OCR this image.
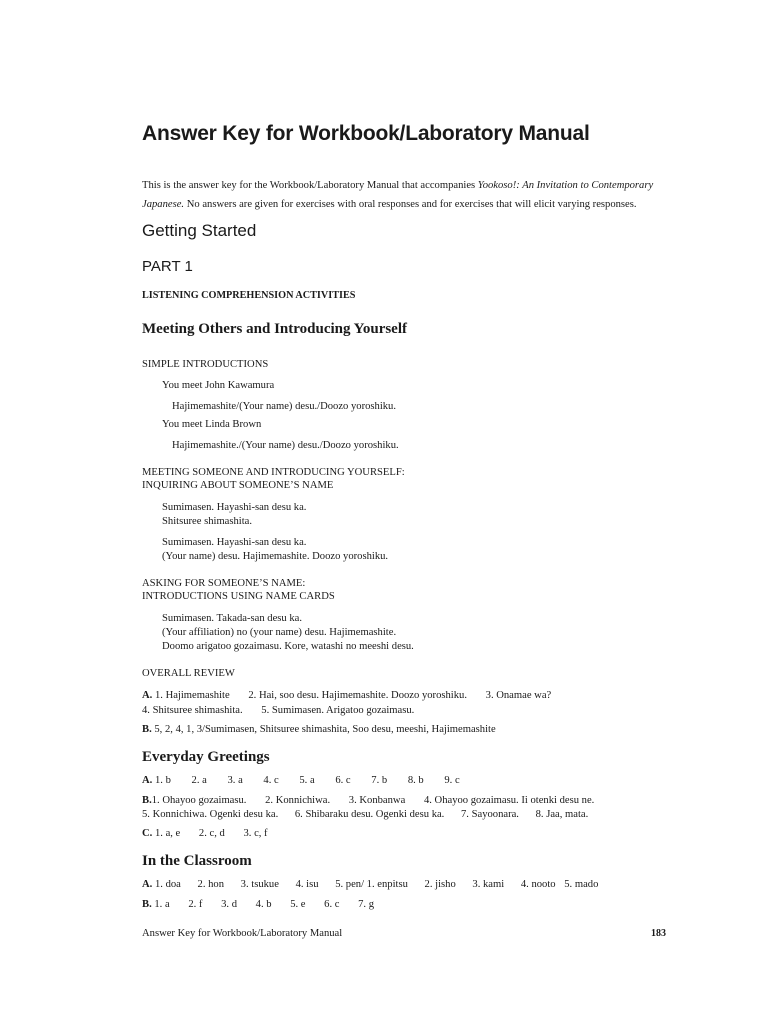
Answer Key for Workbook/Laboratory Manual
This is the answer key for the Workbook/Laboratory Manual that accompanies Yookoso!: An Invitation to Contemporary Japanese. No answers are given for exercises with oral responses and for exercises that will elicit varying responses.
Getting Started
PART 1
LISTENING COMPREHENSION ACTIVITIES
Meeting Others and Introducing Yourself
SIMPLE INTRODUCTIONS
You meet John Kawamura
Hajimemashite/(Your name) desu./Doozo yoroshiku.
You meet Linda Brown
Hajimemashite./(Your name) desu./Doozo yoroshiku.
MEETING SOMEONE AND INTRODUCING YOURSELF:
INQUIRING ABOUT SOMEONE’S NAME
Sumimasen. Hayashi-san desu ka.
Shitsuree shimashita.
Sumimasen. Hayashi-san desu ka.
(Your name) desu. Hajimemashite. Doozo yoroshiku.
ASKING FOR SOMEONE’S NAME:
INTRODUCTIONS USING NAME CARDS
Sumimasen. Takada-san desu ka.
(Your affiliation) no (your name) desu. Hajimemashite.
Doomo arigatoo gozaimasu. Kore, watashi no meeshi desu.
OVERALL REVIEW
A. 1. Hajimemashite 2. Hai, soo desu. Hajimemashite. Doozo yoroshiku. 3. Onamae wa?
4. Shitsuree shimashita. 5. Sumimasen. Arigatoo gozaimasu.
B. 5, 2, 4, 1, 3/Sumimasen, Shitsuree shimashita, Soo desu, meeshi, Hajimemashite
Everyday Greetings
A. 1. b 2. a 3. a 4. c 5. a 6. c 7. b 8. b 9. c
B.1. Ohayoo gozaimasu. 2. Konnichiwa. 3. Konbanwa 4. Ohayoo gozaimasu. Ii otenki desu ne.
5. Konnichiwa. Ogenki desu ka. 6. Shibaraku desu. Ogenki desu ka. 7. Sayoonara. 8. Jaa, mata.
C. 1. a, e 2. c, d 3. c, f
In the Classroom
A. 1. doa 2. hon 3. tsukue 4. isu 5. pen/ 1. enpitsu 2. jisho 3. kami 4. nooto 5. mado
B. 1. a 2. f 3. d 4. b 5. e 6. c 7. g
Answer Key for Workbook/Laboratory Manual	183
